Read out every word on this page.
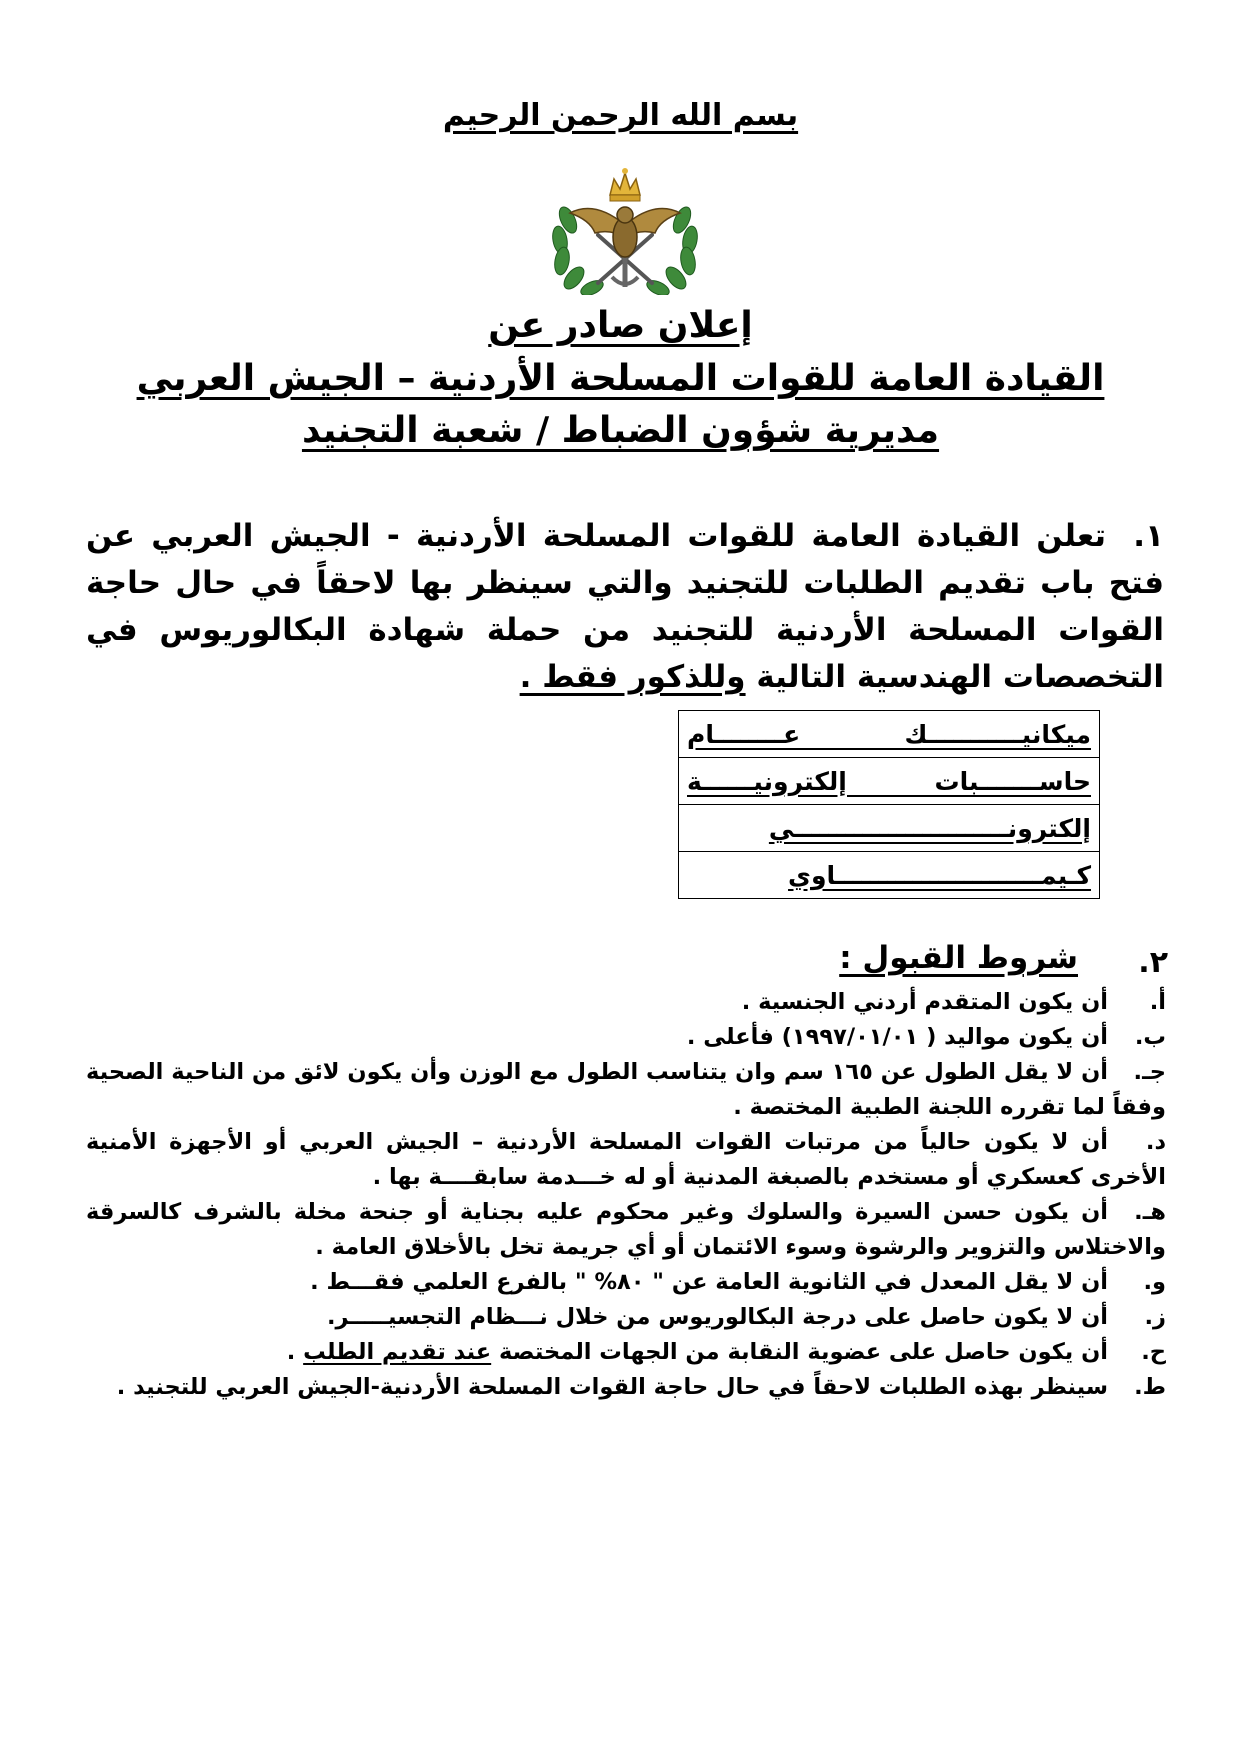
بسم الله الرحمن الرحيم
إعلان صادر عن
القيادة العامة للقوات المسلحة الأردنية – الجيش العربي
مديرية شؤون الضباط / شعبة التجنيد
١.تعلن القيادة العامة للقوات المسلحة الأردنية - الجيش العربي عن فتح باب تقديم الطلبات للتجنيد والتي سينظر بها لاحقاً في حال حاجة القوات المسلحة الأردنية للتجنيد من حملة شهادة البكالوريوس في التخصصات الهندسية التالية وللذكور فقط .
ميكانيـــــــــــك عــــــــام
حاســـــــبات إلكترونيــــــة
إلكترونـــــــــــــــــــــــــي
كـيمــــــــــــــــــــــــاوي
٢.
شروط القبول :

أ.أن يكون المتقدم أردني الجنسية .

ب.أن يكون مواليد ( ١٩٩٧/٠١/٠١) فأعلى .

جـ.أن لا يقل الطول عن ١٦٥ سم وان يتناسب الطول مع الوزن وأن يكون لائق من الناحية الصحية وفقاً لما تقرره اللجنة الطبية المختصة .

د.أن لا يكون حالياً من مرتبات القوات المسلحة الأردنية – الجيش العربي أو الأجهزة الأمنية الأخرى كعسكري أو مستخدم بالصبغة المدنية أو له خـــدمة سابقــــة بها .

هـ.أن يكون حسن السيرة والسلوك وغير محكوم عليه بجناية أو جنحة مخلة بالشرف كالسرقة والاختلاس والتزوير والرشوة وسوء الائتمان أو أي جريمة تخل بالأخلاق العامة .

و.أن لا يقل المعدل في الثانوية العامة عن " ٨٠% " بالفرع العلمي فقـــط .

ز.أن لا يكون حاصل على درجة البكالوريوس من خلال نـــظام التجسيـــــر.

ح.أن يكون حاصل على عضوية النقابة من الجهات المختصة عند تقديم الطلب .

ط.سينظر بهذه الطلبات لاحقاً في حال حاجة القوات المسلحة الأردنية-الجيش العربي للتجنيد .
